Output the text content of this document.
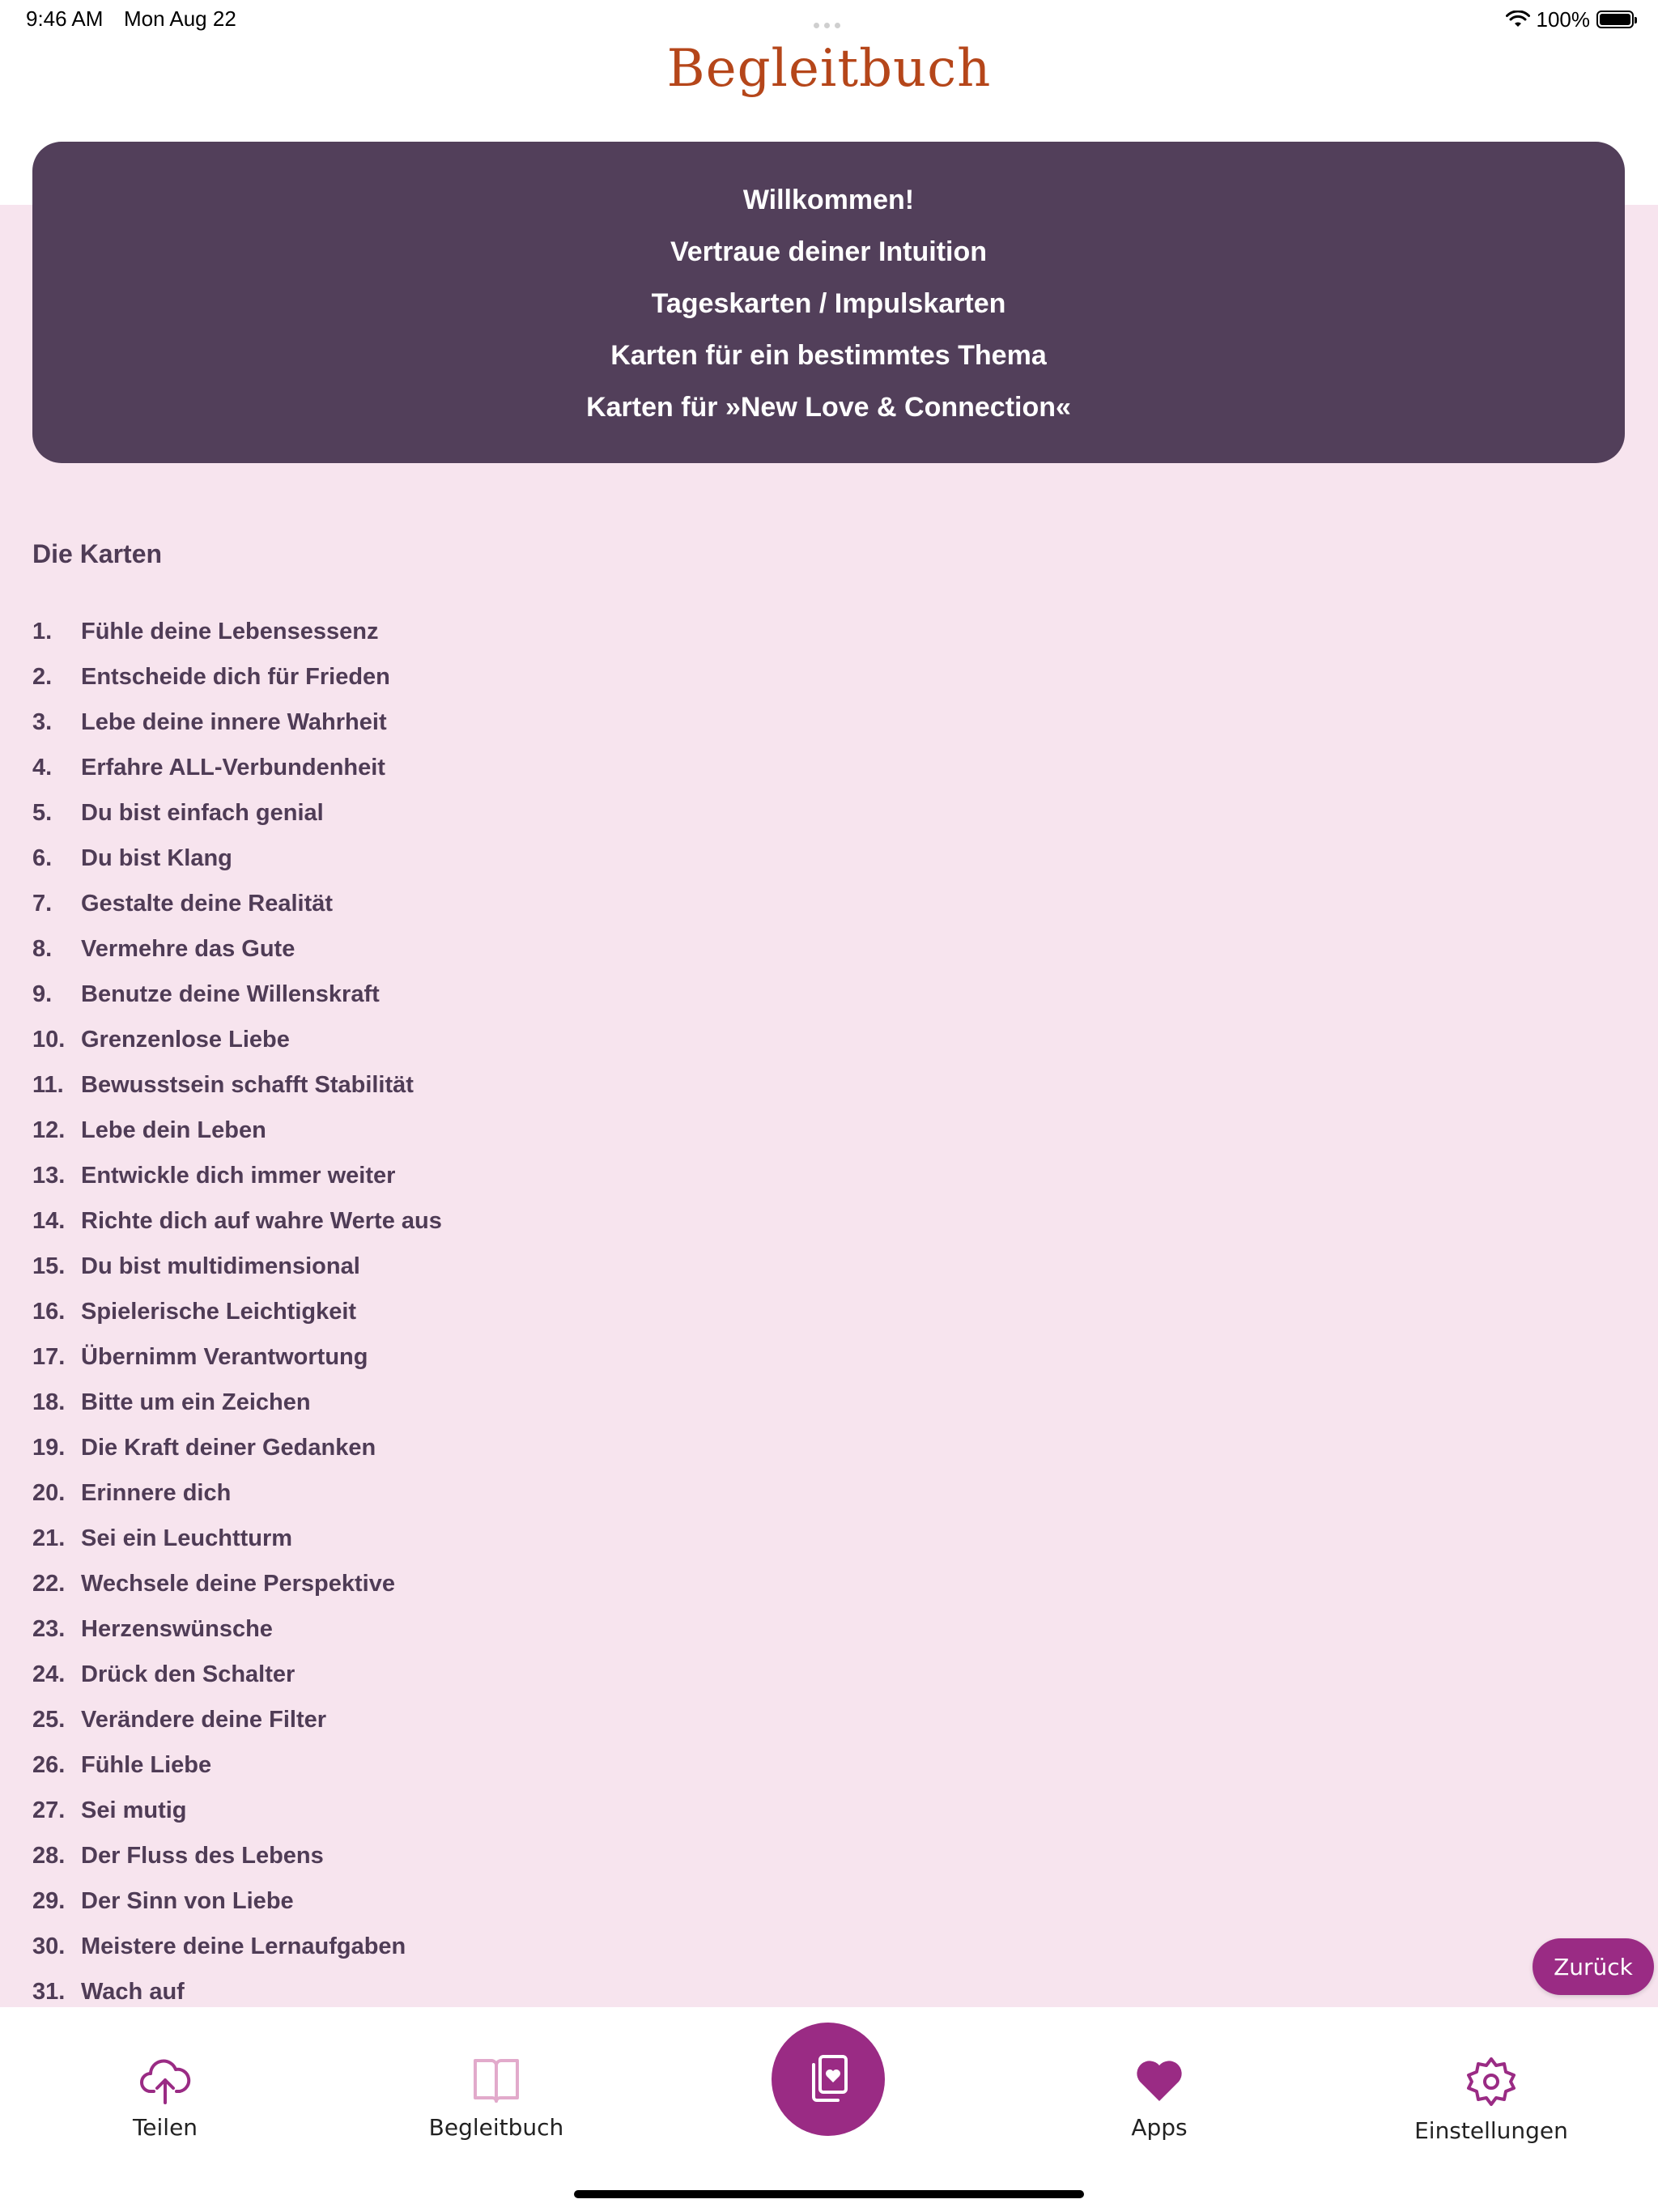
9:46 AM Mon Aug 22	100%
Begleitbuch
Willkommen!
Vertraue deiner Intuition
Tageskarten / Impulskarten
Karten für ein bestimmtes Thema
Karten für »New Love & Connection«
Die Karten
1. Fühle deine Lebensessenz
2. Entscheide dich für Frieden
3. Lebe deine innere Wahrheit
4. Erfahre ALL-Verbundenheit
5. Du bist einfach genial
6. Du bist Klang
7. Gestalte deine Realität
8. Vermehre das Gute
9. Benutze deine Willenskraft
10. Grenzenlose Liebe
11. Bewusstsein schafft Stabilität
12. Lebe dein Leben
13. Entwickle dich immer weiter
14. Richte dich auf wahre Werte aus
15. Du bist multidimensional
16. Spielerische Leichtigkeit
17. Übernimm Verantwortung
18. Bitte um ein Zeichen
19. Die Kraft deiner Gedanken
20. Erinnere dich
21. Sei ein Leuchtturm
22. Wechsele deine Perspektive
23. Herzenswünsche
24. Drück den Schalter
25. Verändere deine Filter
26. Fühle Liebe
27. Sei mutig
28. Der Fluss des Lebens
29. Der Sinn von Liebe
30. Meistere deine Lernaufgaben
31. Wach auf
Zurück
Teilen	Begleitbuch	Apps	Einstellungen
